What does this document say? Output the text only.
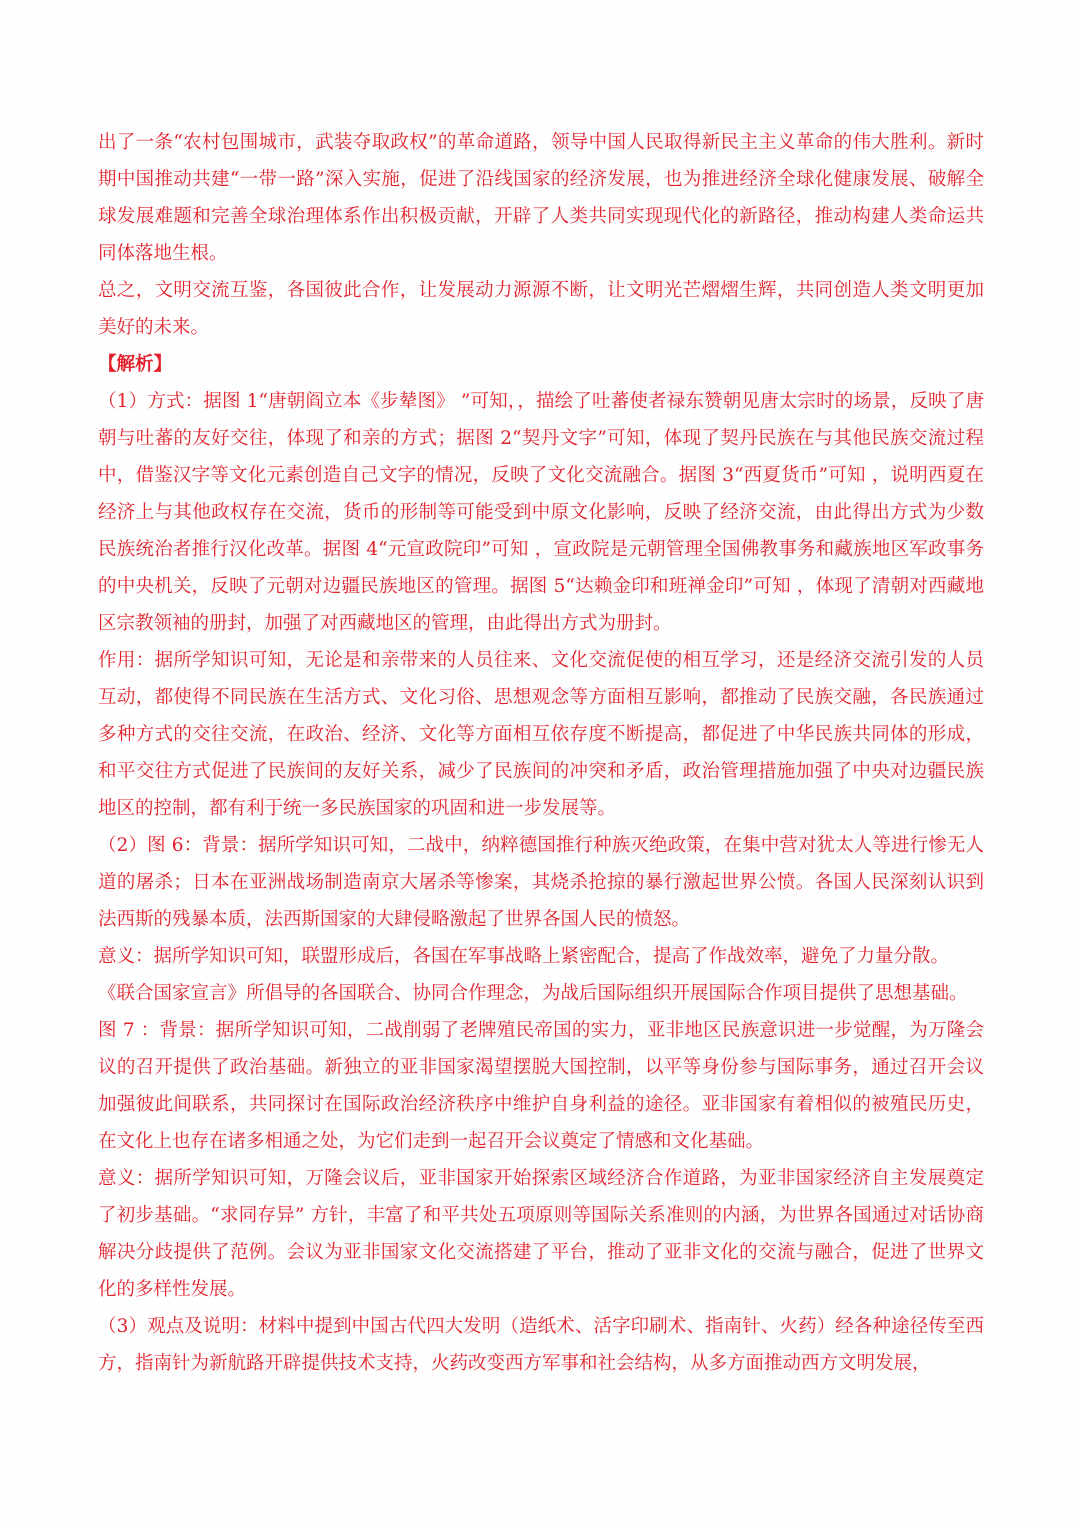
出了一条“农村包围城市，武装夺取政权”的革命道路，领导中国人民取得新民主主义革命的伟大胜利。新时期中国推动共建“一带一路”深入实施，促进了沿线国家的经济发展，也为推进经济全球化健康发展、破解全球发展难题和完善全球治理体系作出积极贡献，开辟了人类共同实现现代化的新路径，推动构建人类命运共同体落地生根。

总之，文明交流互鉴，各国彼此合作，让发展动力源源不断，让文明光芒熠熠生辉，共同创造人类文明更加美好的未来。

【解析】

（1）方式：据图 1“唐朝阎立本《步辇图》 ”可知，，描绘了吐蕃使者禄东赞朝见唐太宗时的场景，反映了唐朝与吐蕃的友好交往，体现了和亲的方式；据图 2“契丹文字”可知，体现了契丹民族在与其他民族交流过程中，借鉴汉字等文化元素创造自己文字的情况，反映了文化交流融合。据图 3“西夏货币”可知 ，说明西夏在经济上与其他政权存在交流，货币的形制等可能受到中原文化影响，反映了经济交流，由此得出方式为少数民族统治者推行汉化改革。据图 4“元宣政院印”可知 ，宣政院是元朝管理全国佛教事务和藏族地区军政事务的中央机关，反映了元朝对边疆民族地区的管理。据图 5“达赖金印和班禅金印”可知 ，体现了清朝对西藏地区宗教领袖的册封，加强了对西藏地区的管理，由此得出方式为册封。

作用：据所学知识可知，无论是和亲带来的人员往来、文化交流促使的相互学习，还是经济交流引发的人员互动，都使得不同民族在生活方式、文化习俗、思想观念等方面相互影响，都推动了民族交融，各民族通过多种方式的交往交流，在政治、经济、文化等方面相互依存度不断提高，都促进了中华民族共同体的形成，和平交往方式促进了民族间的友好关系，减少了民族间的冲突和矛盾，政治管理措施加强了中央对边疆民族地区的控制，都有利于统一多民族国家的巩固和进一步发展等。

（2）图 6：背景：据所学知识可知，二战中，纳粹德国推行种族灭绝政策，在集中营对犹太人等进行惨无人道的屠杀；日本在亚洲战场制造南京大屠杀等惨案，其烧杀抢掠的暴行激起世界公愤。各国人民深刻认识到法西斯的残暴本质，法西斯国家的大肆侵略激起了世界各国人民的愤怒。

意义：据所学知识可知，联盟形成后，各国在军事战略上紧密配合，提高了作战效率，避免了力量分散。

《联合国家宣言》所倡导的各国联合、协同合作理念，为战后国际组织开展国际合作项目提供了思想基础。

图 7 ：背景：据所学知识可知，二战削弱了老牌殖民帝国的实力，亚非地区民族意识进一步觉醒，为万隆会议的召开提供了政治基础。新独立的亚非国家渴望摆脱大国控制，以平等身份参与国际事务，通过召开会议加强彼此间联系，共同探讨在国际政治经济秩序中维护自身利益的途径。亚非国家有着相似的被殖民历史，在文化上也存在诸多相通之处，为它们走到一起召开会议奠定了情感和文化基础。

意义：据所学知识可知，万隆会议后，亚非国家开始探索区域经济合作道路，为亚非国家经济自主发展奠定了初步基础。“求同存异” 方针，丰富了和平共处五项原则等国际关系准则的内涵，为世界各国通过对话协商解决分歧提供了范例。会议为亚非国家文化交流搭建了平台，推动了亚非文化的交流与融合，促进了世界文化的多样性发展。

（3）观点及说明：材料中提到中国古代四大发明（造纸术、活字印刷术、指南针、火药）经各种途径传至西方，指南针为新航路开辟提供技术支持，火药改变西方军事和社会结构，从多方面推动西方文明发展，
